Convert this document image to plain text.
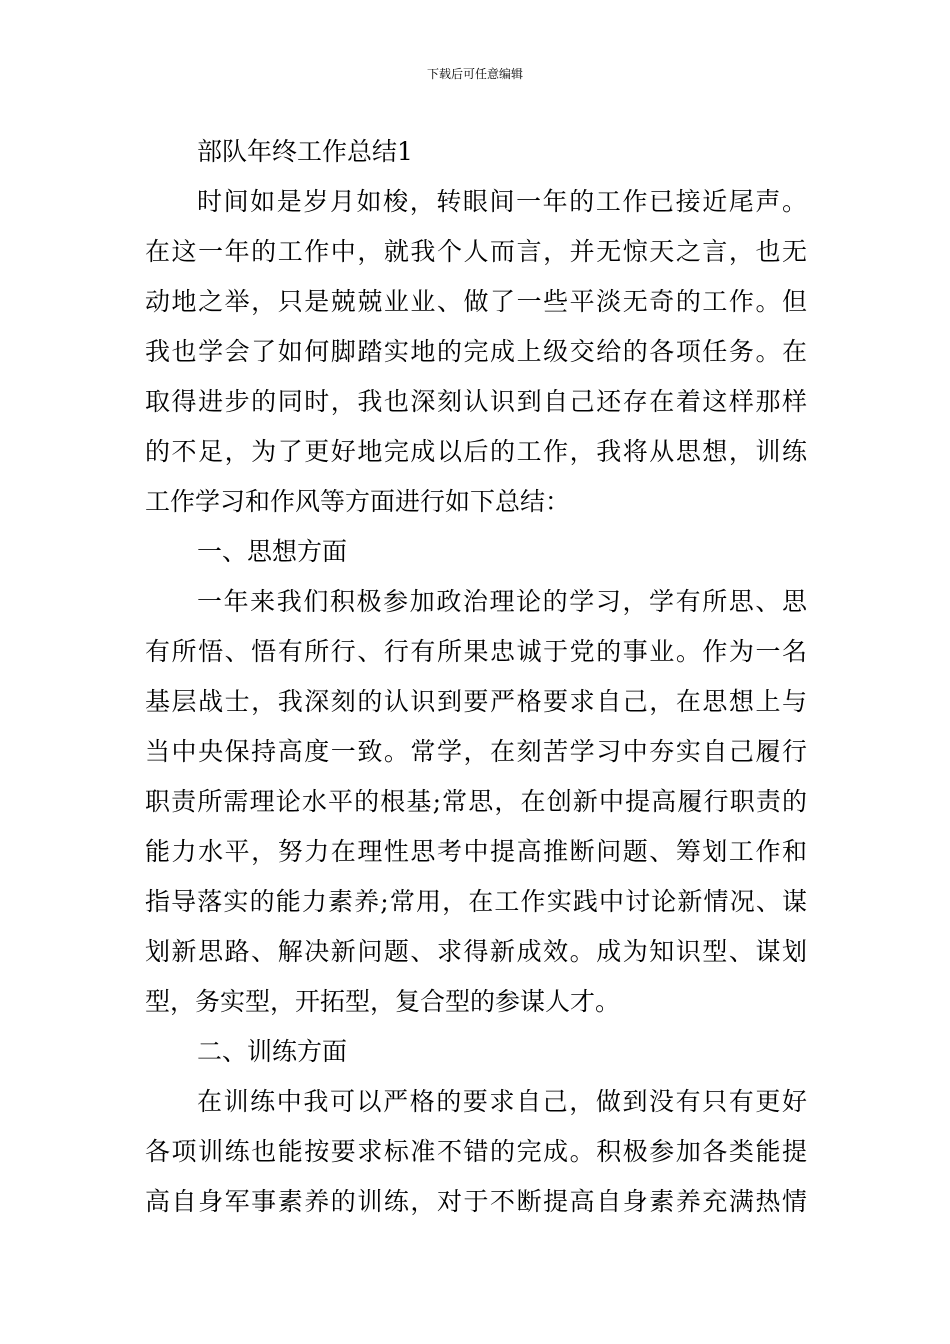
下载后可任意编辑
部队年终工作总结1
时间如是岁月如梭，转眼间一年的工作已接近尾声。
在这一年的工作中，就我个人而言，并无惊天之言，也无
动地之举，只是兢兢业业、做了一些平淡无奇的工作。但
我也学会了如何脚踏实地的完成上级交给的各项任务。在
取得进步的同时，我也深刻认识到自己还存在着这样那样
的不足，为了更好地完成以后的工作，我将从思想，训练
工作学习和作风等方面进行如下总结：
一、思想方面
一年来我们积极参加政治理论的学习，学有所思、思
有所悟、悟有所行、行有所果忠诚于党的事业。作为一名
基层战士，我深刻的认识到要严格要求自己，在思想上与
当中央保持高度一致。常学，在刻苦学习中夯实自己履行
职责所需理论水平的根基;常思，在创新中提高履行职责的
能力水平，努力在理性思考中提高推断问题、筹划工作和
指导落实的能力素养;常用，在工作实践中讨论新情况、谋
划新思路、解决新问题、求得新成效。成为知识型、谋划
型，务实型，开拓型，复合型的参谋人才。
二、训练方面
在训练中我可以严格的要求自己，做到没有只有更好
各项训练也能按要求标准不错的完成。积极参加各类能提
高自身军事素养的训练，对于不断提高自身素养充满热情
